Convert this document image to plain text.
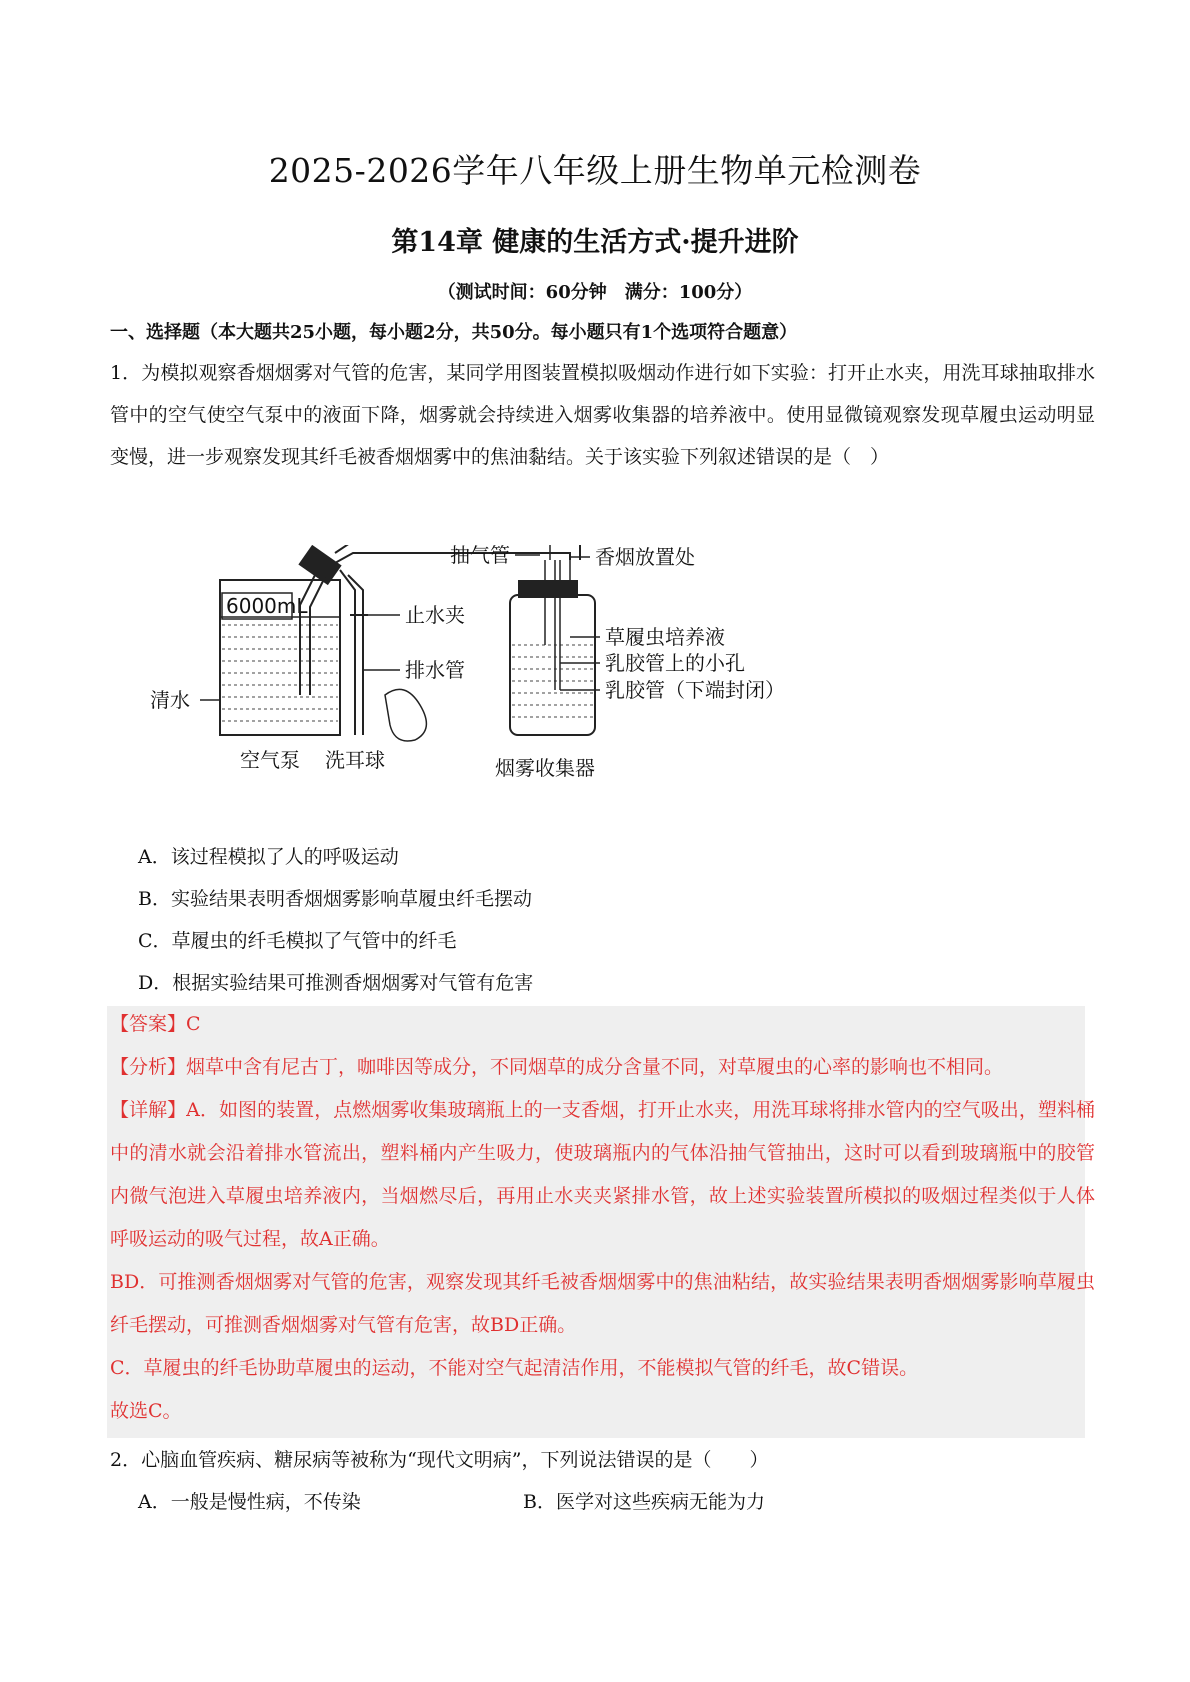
2025-2026学年八年级上册生物单元检测卷
第14章 健康的生活方式·提升进阶
（测试时间：60分钟　满分：100分）
一、选择题（本大题共25小题，每小题2分，共50分。每小题只有1个选项符合题意）
1．为模拟观察香烟烟雾对气管的危害，某同学用图装置模拟吸烟动作进行如下实验：打开止水夹，用洗耳球抽取排水管中的空气使空气泵中的液面下降，烟雾就会持续进入烟雾收集器的培养液中。使用显微镜观察发现草履虫运动明显变慢，进一步观察发现其纤毛被香烟烟雾中的焦油黏结。关于该实验下列叙述错误的是（　）
6000mL	止水夹
排水管
清水
空气泵 洗耳球
抽气管	香烟放置处
草履虫培养液
乳胶管上的小孔
乳胶管（下端封闭）
烟雾收集器
A．该过程模拟了人的呼吸运动
B．实验结果表明香烟烟雾影响草履虫纤毛摆动
C．草履虫的纤毛模拟了气管中的纤毛
D．根据实验结果可推测香烟烟雾对气管有危害
【答案】C
【分析】烟草中含有尼古丁，咖啡因等成分，不同烟草的成分含量不同，对草履虫的心率的影响也不相同。
【详解】A．如图的装置，点燃烟雾收集玻璃瓶上的一支香烟，打开止水夹，用洗耳球将排水管内的空气吸出，塑料桶中的清水就会沿着排水管流出，塑料桶内产生吸力，使玻璃瓶内的气体沿抽气管抽出，这时可以看到玻璃瓶中的胶管内微气泡进入草履虫培养液内，当烟燃尽后，再用止水夹夹紧排水管，故上述实验装置所模拟的吸烟过程类似于人体呼吸运动的吸气过程，故A正确。
BD．可推测香烟烟雾对气管的危害，观察发现其纤毛被香烟烟雾中的焦油粘结，故实验结果表明香烟烟雾影响草履虫纤毛摆动，可推测香烟烟雾对气管有危害，故BD正确。
C．草履虫的纤毛协助草履虫的运动，不能对空气起清洁作用，不能模拟气管的纤毛，故C错误。
故选C。
2．心脑血管疾病、糖尿病等被称为“现代文明病”，下列说法错误的是（　　）
A．一般是慢性病，不传染	B．医学对这些疾病无能为力
